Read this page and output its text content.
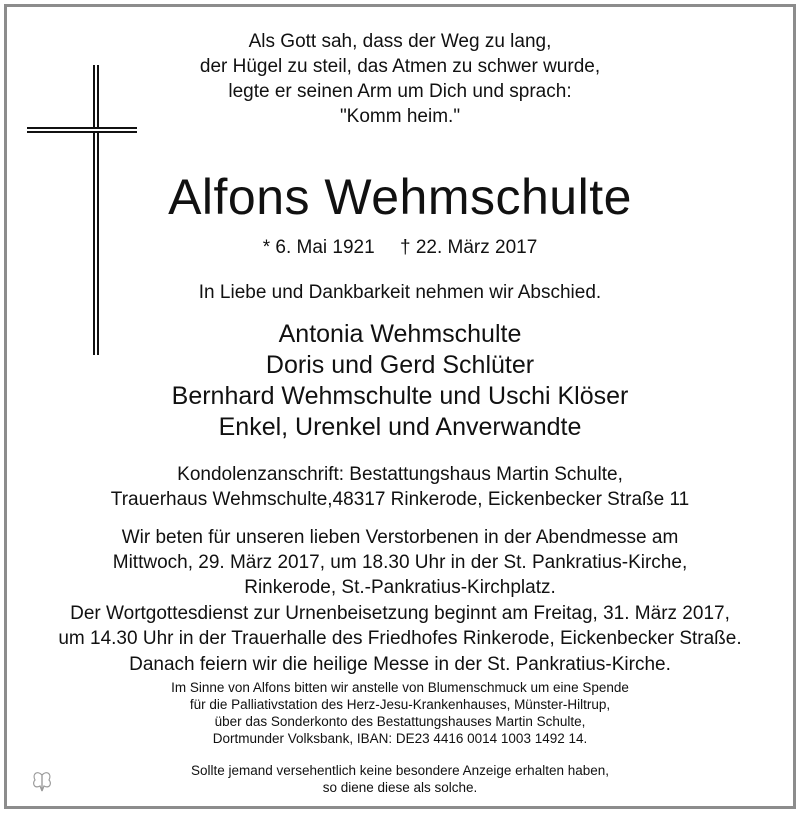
Als Gott sah, dass der Weg zu lang,
der Hügel zu steil, das Atmen zu schwer wurde,
legte er seinen Arm um Dich und sprach:
"Komm heim."
Alfons Wehmschulte
* 6. Mai 1921 † 22. März 2017
In Liebe und Dankbarkeit nehmen wir Abschied.
Antonia Wehmschulte
Doris und Gerd Schlüter
Bernhard Wehmschulte und Uschi Klöser
Enkel, Urenkel und Anverwandte
Kondolenzanschrift: Bestattungshaus Martin Schulte,
Trauerhaus Wehmschulte,48317 Rinkerode, Eickenbecker Straße 11
Wir beten für unseren lieben Verstorbenen in der Abendmesse am
Mittwoch, 29. März 2017, um 18.30 Uhr in der St. Pankratius-Kirche,
Rinkerode, St.-Pankratius-Kirchplatz.
Der Wortgottesdienst zur Urnenbeisetzung beginnt am Freitag, 31. März 2017,
um 14.30 Uhr in der Trauerhalle des Friedhofes Rinkerode, Eickenbecker Straße.
Danach feiern wir die heilige Messe in der St. Pankratius-Kirche.
Im Sinne von Alfons bitten wir anstelle von Blumenschmuck um eine Spende
für die Palliativstation des Herz-Jesu-Krankenhauses, Münster-Hiltrup,
über das Sonderkonto des Bestattungshauses Martin Schulte,
Dortmunder Volksbank, IBAN: DE23 4416 0014 1003 1492 14.
Sollte jemand versehentlich keine besondere Anzeige erhalten haben,
so diene diese als solche.
